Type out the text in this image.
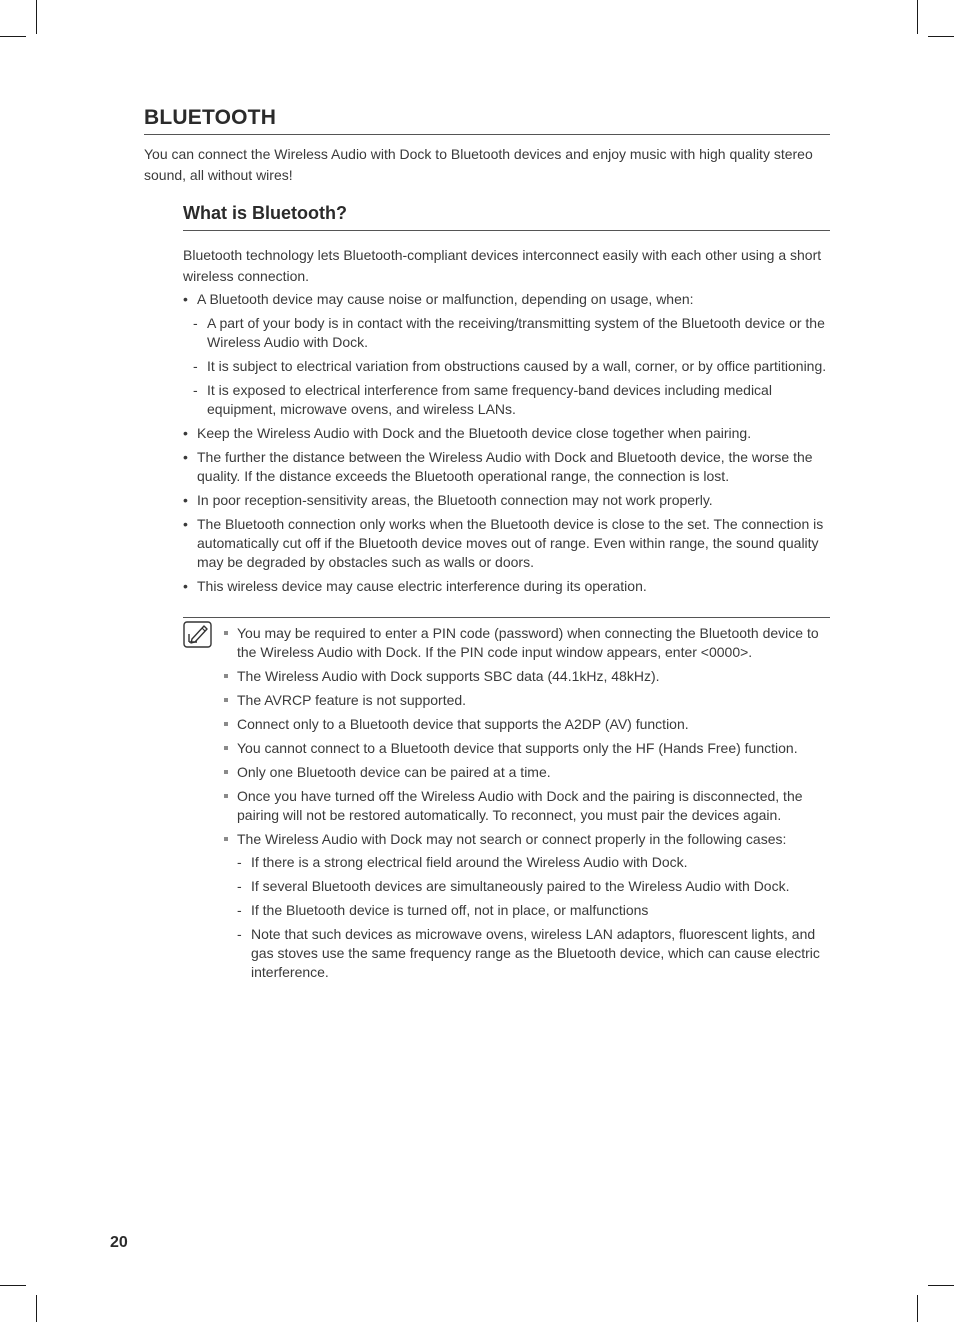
BLUETOOTH

You can connect the Wireless Audio with Dock to Bluetooth devices and enjoy music with high quality stereo sound, all without wires!

What is Bluetooth?

Bluetooth technology lets Bluetooth-compliant devices interconnect easily with each other using a short wireless connection.

• A Bluetooth device may cause noise or malfunction, depending on usage, when:
- A part of your body is in contact with the receiving/transmitting system of the Bluetooth device or the Wireless Audio with Dock.
- It is subject to electrical variation from obstructions caused by a wall, corner, or by office partitioning.
- It is exposed to electrical interference from same frequency-band devices including medical equipment, microwave ovens, and wireless LANs.
• Keep the Wireless Audio with Dock and the Bluetooth device close together when pairing.
• The further the distance between the Wireless Audio with Dock and Bluetooth device, the worse the quality. If the distance exceeds the Bluetooth operational range, the connection is lost.
• In poor reception-sensitivity areas, the Bluetooth connection may not work properly.
• The Bluetooth connection only works when the Bluetooth device is close to the set. The connection is automatically cut off if the Bluetooth device moves out of range. Even within range, the sound quality may be degraded by obstacles such as walls or doors.
• This wireless device may cause electric interference during its operation.
You may be required to enter a PIN code (password) when connecting the Bluetooth device to the Wireless Audio with Dock. If the PIN code input window appears, enter <0000>.
The Wireless Audio with Dock supports SBC data (44.1kHz, 48kHz).
The AVRCP feature is not supported.
Connect only to a Bluetooth device that supports the A2DP (AV) function.
You cannot connect to a Bluetooth device that supports only the HF (Hands Free) function.
Only one Bluetooth device can be paired at a time.
Once you have turned off the Wireless Audio with Dock and the pairing is disconnected, the pairing will not be restored automatically. To reconnect, you must pair the devices again.
The Wireless Audio with Dock may not search or connect properly in the following cases:
- If there is a strong electrical field around the Wireless Audio with Dock.
- If several Bluetooth devices are simultaneously paired to the Wireless Audio with Dock.
- If the Bluetooth device is turned off, not in place, or malfunctions
- Note that such devices as microwave ovens, wireless LAN adaptors, fluorescent lights, and gas stoves use the same frequency range as the Bluetooth device, which can cause electric interference.
20
